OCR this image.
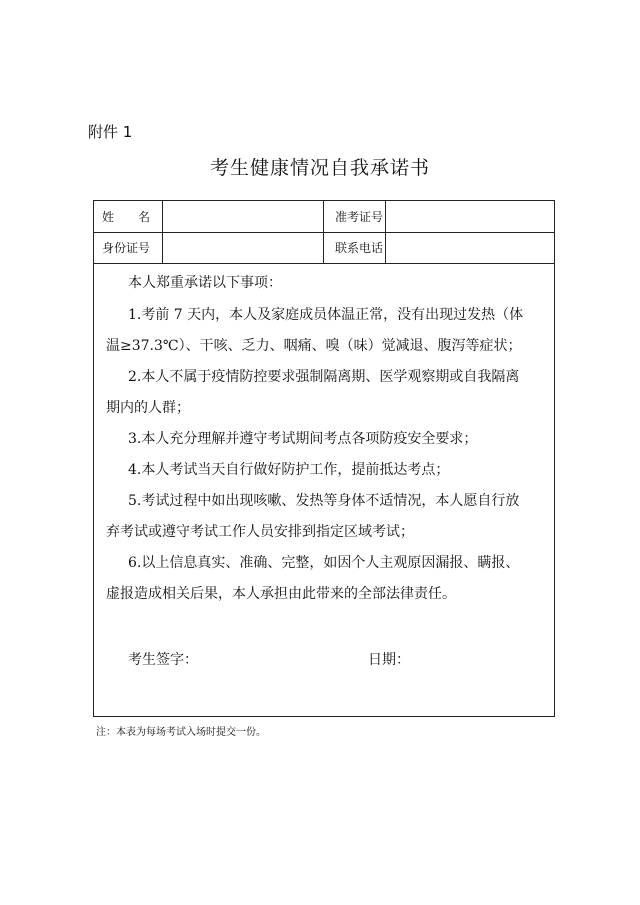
附件 1
考生健康情况自我承诺书
姓　　名	准考证号
身份证号	联系电话
本人郑重承诺以下事项：
1.考前 7 天内，本人及家庭成员体温正常，没有出现过发热（体
温≥37.3℃）、干咳、乏力、咽痛、嗅（味）觉减退、腹泻等症状；
2.本人不属于疫情防控要求强制隔离期、医学观察期或自我隔离
期内的人群；
3.本人充分理解并遵守考试期间考点各项防疫安全要求；
4.本人考试当天自行做好防护工作，提前抵达考点；
5.考试过程中如出现咳嗽、发热等身体不适情况，本人愿自行放
弃考试或遵守考试工作人员安排到指定区域考试；
6.以上信息真实、准确、完整，如因个人主观原因漏报、瞒报、
虚报造成相关后果，本人承担由此带来的全部法律责任。
考生签字：	日期：
注：本表为每场考试入场时提交一份。
